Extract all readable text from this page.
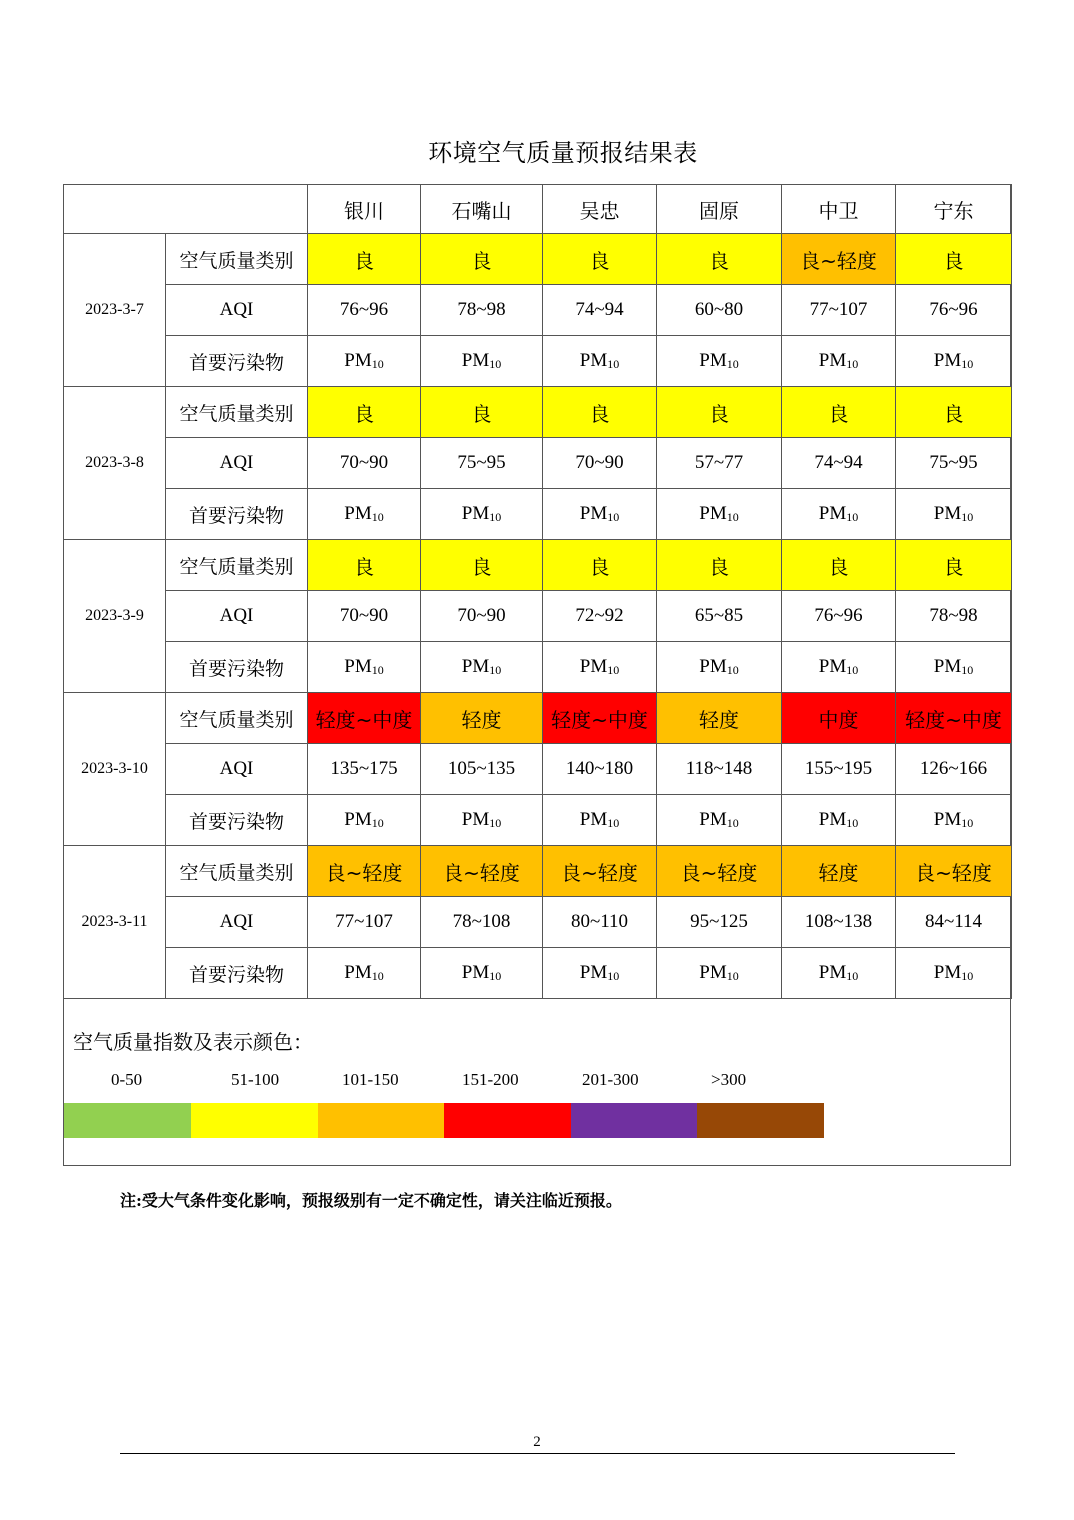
环境空气质量预报结果表
		银川	石嘴山	吴忠	固原	中卫	宁东
2023-3-7	空气质量类别	良	良	良	良	良~轻度	良
	AQI	76~96	78~98	74~94	60~80	77~107	76~96
	首要污染物	$PM_{10}$	$PM_{10}$	$PM_{10}$	$PM_{10}$	$PM_{10}$	$PM_{10}$
2023-3-8	空气质量类别	良	良	良	良	良	良
	AQI	70~90	75~95	70~90	57~77	74~94	75~95
	首要污染物	$PM_{10}$	$PM_{10}$	$PM_{10}$	$PM_{10}$	$PM_{10}$	$PM_{10}$
2023-3-9	空气质量类别	良	良	良	良	良	良
	AQI	70~90	70~90	72~92	65~85	76~96	78~98
	首要污染物	$PM_{10}$	$PM_{10}$	$PM_{10}$	$PM_{10}$	$PM_{10}$	$PM_{10}$
2023-3-10	空气质量类别	轻度~中度	轻度	轻度~中度	轻度	中度	轻度~中度
	AQI	135~175	105~135	140~180	118~148	155~195	126~166
	首要污染物	$PM_{10}$	$PM_{10}$	$PM_{10}$	$PM_{10}$	$PM_{10}$	$PM_{10}$
2023-3-11	空气质量类别	良~轻度	良~轻度	良~轻度	良~轻度	轻度	良~轻度
	AQI	77~107	78~108	80~110	95~125	108~138	84~114
	首要污染物	$PM_{10}$	$PM_{10}$	$PM_{10}$	$PM_{10}$	$PM_{10}$	$PM_{10}$
空气质量指数及表示颜色：
0-50	51-100	101-150	151-200	201-300	>300
注:受大气条件变化影响，预报级别有一定不确定性，请关注临近预报。
2
